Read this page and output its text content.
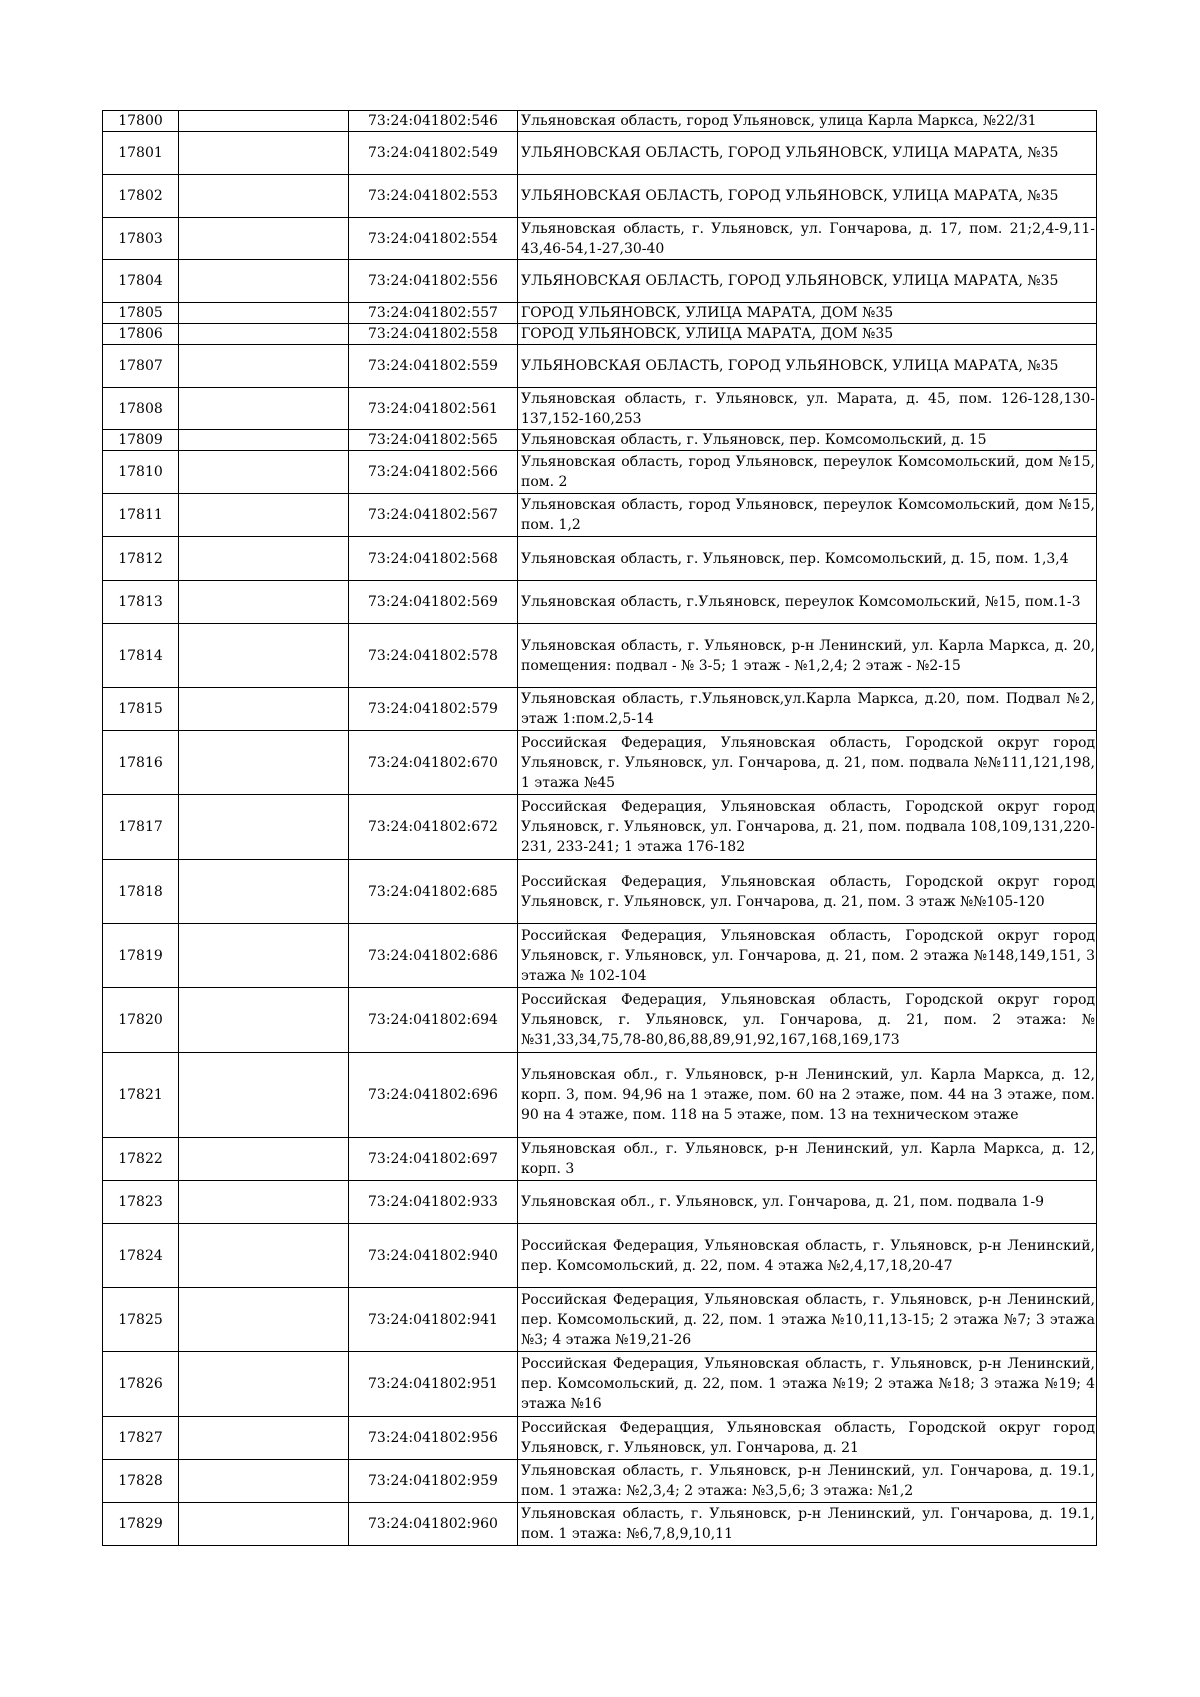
17800		73:24:041802:546	Ульяновская область, город Ульяновск, улица Карла Маркса, №22/31
17801		73:24:041802:549	УЛЬЯНОВСКАЯ ОБЛАСТЬ, ГОРОД УЛЬЯНОВСК, УЛИЦА МАРАТА, №35
17802		73:24:041802:553	УЛЬЯНОВСКАЯ ОБЛАСТЬ, ГОРОД УЛЬЯНОВСК, УЛИЦА МАРАТА, №35
17803		73:24:041802:554	Ульяновская область, г. Ульяновск, ул. Гончарова, д. 17, пом. 21;2,4-9,11-43,46-54,1-27,30-40
17804		73:24:041802:556	УЛЬЯНОВСКАЯ ОБЛАСТЬ, ГОРОД УЛЬЯНОВСК, УЛИЦА МАРАТА, №35
17805		73:24:041802:557	ГОРОД УЛЬЯНОВСК, УЛИЦА МАРАТА, ДОМ №35
17806		73:24:041802:558	ГОРОД УЛЬЯНОВСК, УЛИЦА МАРАТА, ДОМ №35
17807		73:24:041802:559	УЛЬЯНОВСКАЯ ОБЛАСТЬ, ГОРОД УЛЬЯНОВСК, УЛИЦА МАРАТА, №35
17808		73:24:041802:561	Ульяновская область, г. Ульяновск, ул. Марата, д. 45, пом. 126-128,130-137,152-160,253
17809		73:24:041802:565	Ульяновская область, г. Ульяновск, пер. Комсомольский, д. 15
17810		73:24:041802:566	Ульяновская область, город Ульяновск, переулок Комсомольский, дом №15, пом. 2
17811		73:24:041802:567	Ульяновская область, город Ульяновск, переулок Комсомольский, дом №15, пом. 1,2
17812		73:24:041802:568	Ульяновская область, г. Ульяновск, пер. Комсомольский, д. 15, пом. 1,3,4
17813		73:24:041802:569	Ульяновская область, г.Ульяновск, переулок Комсомольский, №15, пом.1-3
17814		73:24:041802:578	Ульяновская область, г. Ульяновск, р-н Ленинский, ул. Карла Маркса, д. 20, помещения: подвал - № 3-5; 1 этаж - №1,2,4; 2 этаж - №2-15
17815		73:24:041802:579	Ульяновская область, г.Ульяновск,ул.Карла Маркса, д.20, пом. Подвал №2, этаж 1:пом.2,5-14
17816		73:24:041802:670	Российская Федерация, Ульяновская область, Городской округ город Ульяновск, г. Ульяновск, ул. Гончарова, д. 21, пом. подвала №№111,121,198, 1 этажа №45
17817		73:24:041802:672	Российская Федерация, Ульяновская область, Городской округ город Ульяновск, г. Ульяновск, ул. Гончарова, д. 21, пом. подвала 108,109,131,220-231, 233-241; 1 этажа 176-182
17818		73:24:041802:685	Российская Федерация, Ульяновская область, Городской округ город Ульяновск, г. Ульяновск, ул. Гончарова, д. 21, пом. 3 этаж №№105-120
17819		73:24:041802:686	Российская Федерация, Ульяновская область, Городской округ город Ульяновск, г. Ульяновск, ул. Гончарова, д. 21, пом. 2 этажа №148,149,151, 3 этажа № 102-104
17820		73:24:041802:694	Российская Федерация, Ульяновская область, Городской округ город Ульяновск, г. Ульяновск, ул. Гончарова, д. 21, пом. 2 этажа: №№31,33,34,75,78-80,86,88,89,91,92,167,168,169,173
17821		73:24:041802:696	Ульяновская обл., г. Ульяновск, р-н Ленинский, ул. Карла Маркса, д. 12, корп. 3, пом. 94,96 на 1 этаже, пом. 60 на 2 этаже, пом. 44 на 3 этаже, пом. 90 на 4 этаже, пом. 118 на 5 этаже, пом. 13 на техническом этаже
17822		73:24:041802:697	Ульяновская обл., г. Ульяновск, р-н Ленинский, ул. Карла Маркса, д. 12, корп. 3
17823		73:24:041802:933	Ульяновская обл., г. Ульяновск, ул. Гончарова, д. 21, пом. подвала 1-9
17824		73:24:041802:940	Российская Федерация, Ульяновская область, г. Ульяновск, р-н Ленинский, пер. Комсомольский, д. 22, пом. 4 этажа №2,4,17,18,20-47
17825		73:24:041802:941	Российская Федерация, Ульяновская область, г. Ульяновск, р-н Ленинский, пер. Комсомольский, д. 22, пом. 1 этажа №10,11,13-15; 2 этажа №7; 3 этажа №3; 4 этажа №19,21-26
17826		73:24:041802:951	Российская Федерация, Ульяновская область, г. Ульяновск, р-н Ленинский, пер. Комсомольский, д. 22, пом. 1 этажа №19; 2 этажа №18; 3 этажа №19; 4 этажа №16
17827		73:24:041802:956	Российская Федерацция, Ульяновская область, Городской округ город Ульяновск, г. Ульяновск, ул. Гончарова, д. 21
17828		73:24:041802:959	Ульяновская область, г. Ульяновск, р-н Ленинский, ул. Гончарова, д. 19.1, пом. 1 этажа: №2,3,4; 2 этажа: №3,5,6; 3 этажа: №1,2
17829		73:24:041802:960	Ульяновская область, г. Ульяновск, р-н Ленинский, ул. Гончарова, д. 19.1, пом. 1 этажа: №6,7,8,9,10,11
